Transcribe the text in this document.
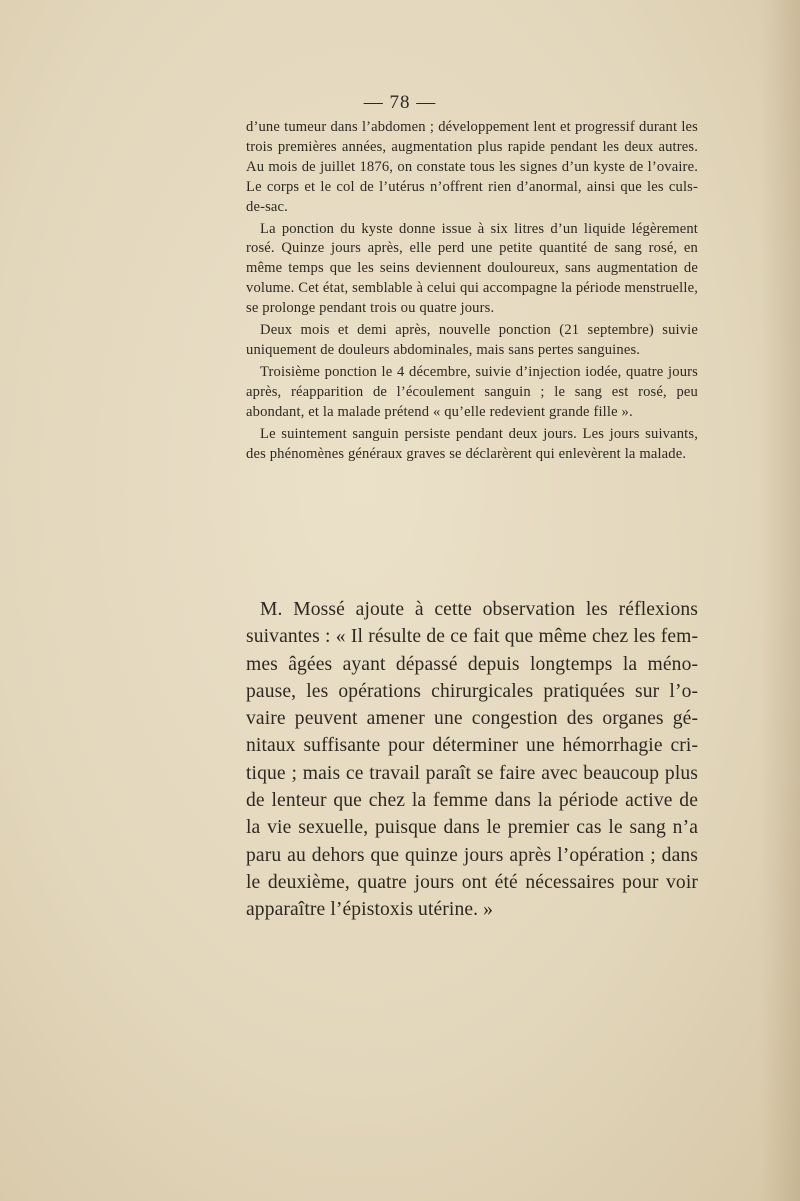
— 78 —

d’une tumeur dans l’abdomen ; développement lent et progressif durant les trois premières années, augmentation plus rapide pendant les deux autres. Au mois de juillet 1876, on constate tous les signes d’un kyste de l’ovaire. Le corps et le col de l’utérus n’offrent rien d’anormal, ainsi que les culs-de-sac.

La ponction du kyste donne issue à six litres d’un liquide légèrement rosé. Quinze jours après, elle perd une petite quantité de sang rosé, en même temps que les seins deviennent douloureux, sans augmentation de volume. Cet état, semblable à celui qui accompagne la période menstruelle, se prolonge pendant trois ou quatre jours.

Deux mois et demi après, nouvelle ponction (21 septembre) suivie uniquement de douleurs abdominales, mais sans pertes sanguines.

Troisième ponction le 4 décembre, suivie d’injection iodée, quatre jours après, réapparition de l’écoulement sanguin ; le sang est rosé, peu abondant, et la malade prétend « qu’elle redevient grande fille ».

Le suintement sanguin persiste pendant deux jours. Les jours suivants, des phénomènes généraux graves se déclarèrent qui enlevèrent la malade.

M. Mossé ajoute à cette observation les réflexions suivantes : « Il résulte de ce fait que même chez les femmes âgées ayant dépassé depuis longtemps la ménopause, les opérations chirurgicales pratiquées sur l’ovaire peuvent amener une congestion des organes génitaux suffisante pour déterminer une hémorrhagie critique ; mais ce travail paraît se faire avec beaucoup plus de lenteur que chez la femme dans la période active de la vie sexuelle, puisque dans le premier cas le sang n’a paru au dehors que quinze jours après l’opération ; dans le deuxième, quatre jours ont été nécessaires pour voir apparaître l’épistoxis utérine. »
